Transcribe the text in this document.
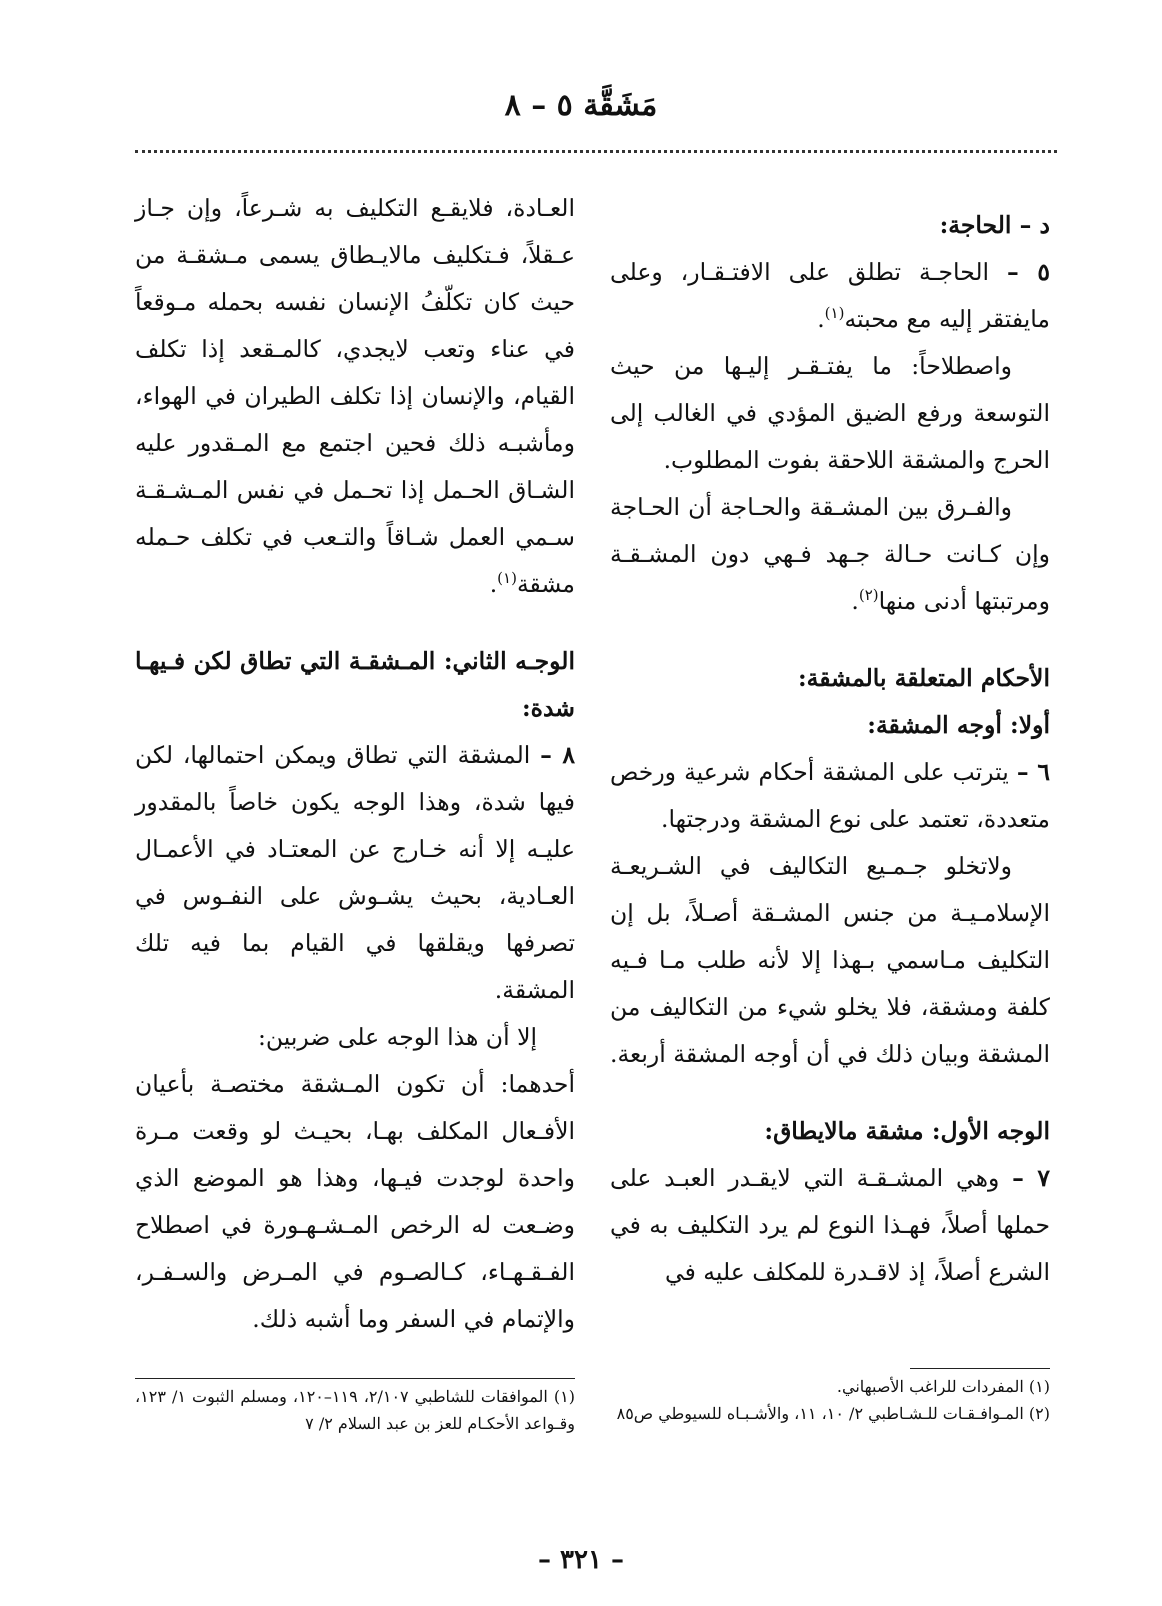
مَشَقَّة ٥ – ٨

د – الحاجة:

٥ – الحاجـة تطلق على الافتـقـار، وعلى مايفتقر إليه مع محبته$^{(١)}$.

واصطلاحاً: ما يفتـقـر إليـها من حيث التوسعة ورفع الضيق المؤدي في الغالب إلى الحرج والمشقة اللاحقة بفوت المطلوب.

والفـرق بين المشـقة والحـاجة أن الحـاجة وإن كـانت حـالة جـهد فـهي دون المشـقـة ومرتبتها أدنى منها$^{(٢)}$.

الأحكام المتعلقة بالمشقة:

أولا: أوجه المشقة:

٦ – يترتب على المشقة أحكام شرعية ورخص متعددة، تعتمد على نوع المشقة ودرجتها.

ولاتخلو جـمـيع التكاليف في الشـريعـة الإسلامـيـة من جنس المشـقة أصـلاً، بل إن التكليف مـاسمي بـهذا إلا لأنه طلب مـا فـيه كلفة ومشقة، فلا يخلو شيء من التكاليف من المشقة وبيان ذلك في أن أوجه المشقة أربعة.

الوجه الأول: مشقة مالايطاق:

٧ – وهي المشـقـة التي لايقـدر العبـد على حملها أصلاً، فهـذا النوع لم يرد التكليف به في الشرع أصلاً، إذ لاقـدرة للمكلف عليه في

العـادة، فلايقـع التكليف به شـرعاً، وإن جـاز عـقلاً، فـتكليف مالايـطاق يسمى مـشقـة من حيث كان تكلّفُ الإنسان نفسه بحمله مـوقعاً في عناء وتعب لايجدي، كالمـقعد إذا تكلف القيام، والإنسان إذا تكلف الطيران في الهواء، ومأشبـه ذلك فحين اجتمع مع المـقدور عليه الشـاق الحـمل إذا تحـمل في نفس المـشـقـة سـمي العمل شـاقاً والتـعب في تكلف حـمله مشقة$^{(١)}$.

الوجـه الثاني: المـشقـة التي تطاق لكن فـيهـا شدة:

٨ – المشقة التي تطاق ويمكن احتمالها، لكن فيها شدة، وهذا الوجه يكون خاصاً بالمقدور عليـه إلا أنه خـارج عن المعتـاد في الأعمـال العـادية، بحيث يشـوش على النفـوس في تصرفها ويقلقها في القيام بما فيه تلك المشقة.

إلا أن هذا الوجه على ضربين:

أحدهما: أن تكون المـشقة مختصـة بأعيان الأفـعال المكلف بهـا، بحيـث لو وقعت مـرة واحدة لوجدت فيـها، وهذا هو الموضع الذي وضـعت له الرخص المـشـهـورة في اصطلاح الفـقـهـاء، كـالصـوم في المـرض والسـفـر، والإتمام في السفر وما أشبه ذلك.

(١) المفردات للراغب الأصبهاني.

(٢) المـوافـقـات للـشـاطبي ٢/ ١٠، ١١، والأشـبـاه للسيوطي ص٨٥

(١) الموافقات للشاطبي ٢/١٠٧، ١١٩–١٢٠، ومسلم الثبوت ١/ ١٢٣، وقـواعد الأحكـام للعز بن عبد السلام ٢/ ٧

– ٣٢١ –
